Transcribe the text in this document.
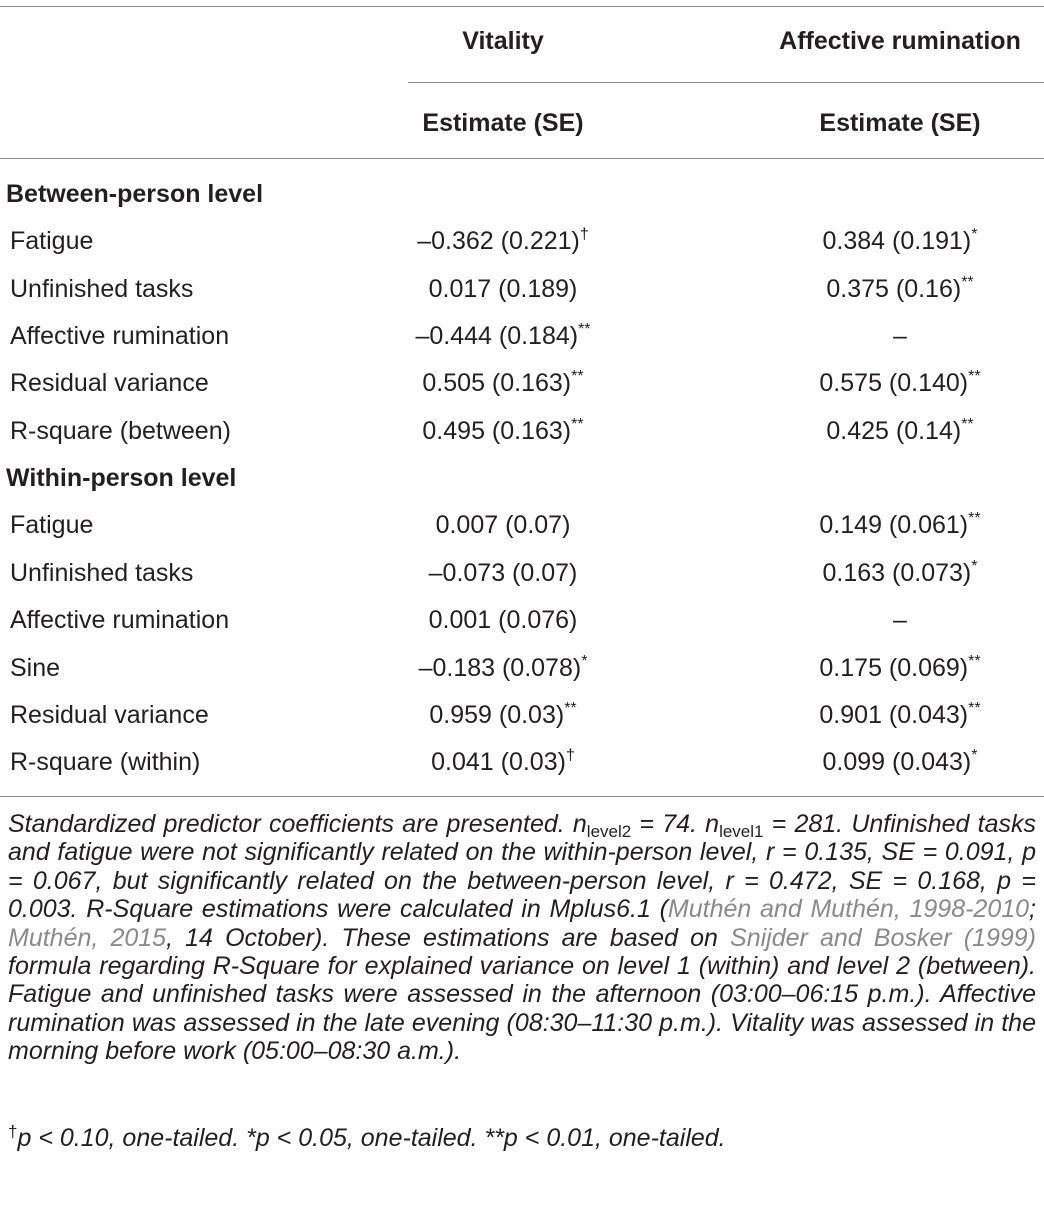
Vitality	Affective rumination
Estimate (SE)	Estimate (SE)
Between-person level
Fatigue	–0.362 (0.221)†	0.384 (0.191)*
Unfinished tasks	0.017 (0.189)	0.375 (0.16)**
Affective rumination	–0.444 (0.184)**	–
Residual variance	0.505 (0.163)**	0.575 (0.140)**
R-square (between)	0.495 (0.163)**	0.425 (0.14)**
Within-person level
Fatigue	0.007 (0.07)	0.149 (0.061)**
Unfinished tasks	–0.073 (0.07)	0.163 (0.073)*
Affective rumination	0.001 (0.076)	–
Sine	–0.183 (0.078)*	0.175 (0.069)**
Residual variance	0.959 (0.03)**	0.901 (0.043)**
R-square (within)	0.041 (0.03)†	0.099 (0.043)*
Standardized predictor coefficients are presented. $n_{level2} = 74$. $n_{level1} = 281$. Unfinished tasks and fatigue were not significantly related on the within-person level, r = 0.135, SE = 0.091, p = 0.067, but significantly related on the between-person level, r = 0.472, SE = 0.168, p = 0.003. R-Square estimations were calculated in Mplus6.1 (Muthén and Muthén, 1998-2010; Muthén, 2015, 14 October). These estimations are based on Snijder and Bosker (1999) formula regarding R-Square for explained variance on level 1 (within) and level 2 (between). Fatigue and unfinished tasks were assessed in the afternoon (03:00–06:15 p.m.). Affective rumination was assessed in the late evening (08:30–11:30 p.m.). Vitality was assessed in the morning before work (05:00–08:30 a.m.).
†p < 0.10, one-tailed. *p < 0.05, one-tailed. **p < 0.01, one-tailed.
